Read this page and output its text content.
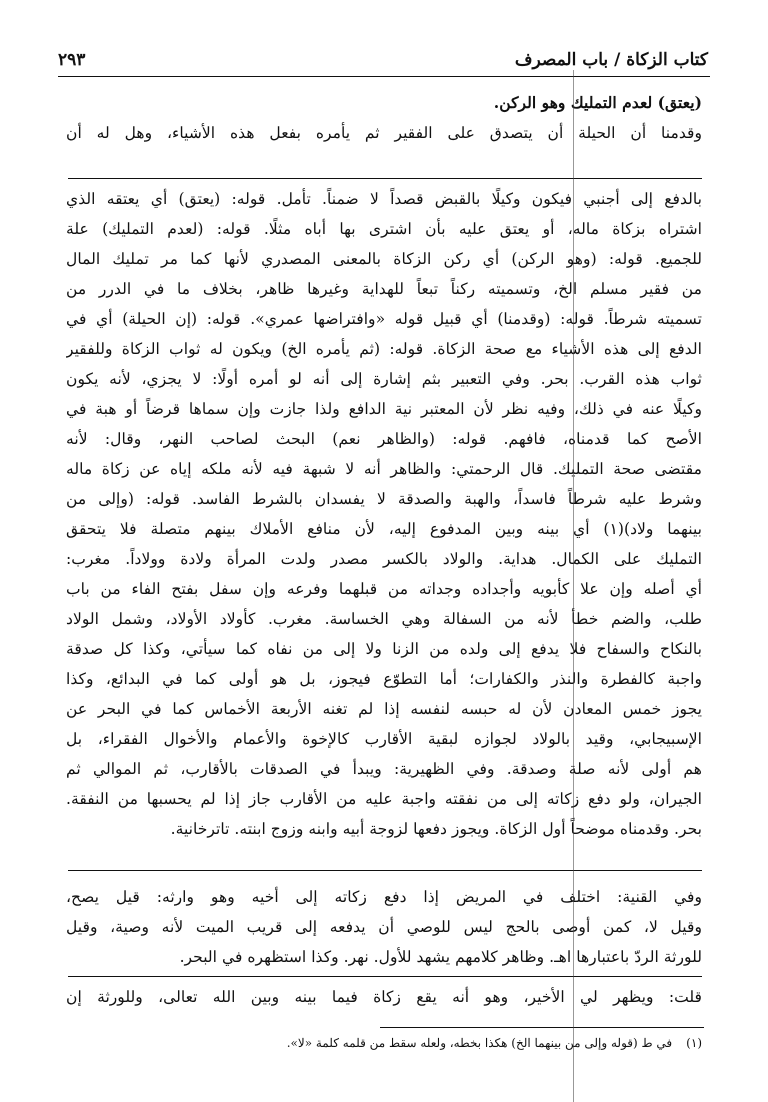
كتاب الزكاة / باب المصرف
٢٩٣
(يعتق) لعدم التمليك وهو الركن.
وقدمنا أن الحيلة أن يتصدق على الفقير ثم يأمره بفعل هذه الأشياء، وهل له أن
بالدفع إلى أجنبي فيكون وكيلًا بالقبض قصداً لا ضمناً. تأمل. قوله: (يعتق) أي يعتقه الذي
اشتراه بزكاة ماله، أو يعتق عليه بأن اشترى بها أباه مثلًا. قوله: (لعدم التمليك) علة
للجميع. قوله: (وهو الركن) أي ركن الزكاة بالمعنى المصدري لأنها كما مر تمليك المال
من فقير مسلم الخ، وتسميته ركناً تبعاً للهداية وغيرها ظاهر، بخلاف ما في الدرر من
تسميته شرطاً. قوله: (وقدمنا) أي قبيل قوله «وافتراضها عمري». قوله: (إن الحيلة) أي في
الدفع إلى هذه الأشياء مع صحة الزكاة. قوله: (ثم يأمره الخ) ويكون له ثواب الزكاة وللفقير
ثواب هذه القرب. بحر. وفي التعبير بثم إشارة إلى أنه لو أمره أولًا: لا يجزي، لأنه يكون
وكيلًا عنه في ذلك، وفيه نظر لأن المعتبر نية الدافع ولذا جازت وإن سماها قرضاً أو هبة في
الأصح كما قدمناه، فافهم. قوله: (والظاهر نعم) البحث لصاحب النهر، وقال: لأنه
مقتضى صحة التمليك. قال الرحمتي: والظاهر أنه لا شبهة فيه لأنه ملكه إياه عن زكاة ماله
وشرط عليه شرطاً فاسداً، والهبة والصدقة لا يفسدان بالشرط الفاسد. قوله: (وإلى من
بينهما ولاد)(١) أي بينه وبين المدفوع إليه، لأن منافع الأملاك بينهم متصلة فلا يتحقق
التمليك على الكمال. هداية. والولاد بالكسر مصدر ولدت المرأة ولادة وولاداً. مغرب:
أي أصله وإن علا كأبويه وأجداده وجداته من قبلهما وفرعه وإن سفل بفتح الفاء من باب
طلب، والضم خطأ لأنه من السفالة وهي الخساسة. مغرب. كأولاد الأولاد، وشمل الولاد
بالنكاح والسفاح فلا يدفع إلى ولده من الزنا ولا إلى من نفاه كما سيأتي، وكذا كل صدقة
واجبة كالفطرة والنذر والكفارات؛ أما التطوّع فيجوز، بل هو أولى كما في البدائع، وكذا
يجوز خمس المعادن لأن له حبسه لنفسه إذا لم تغنه الأربعة الأخماس كما في البحر عن
الإسبيجابي، وقيد بالولاد لجوازه لبقية الأقارب كالإخوة والأعمام والأخوال الفقراء، بل
هم أولى لأنه صلة وصدقة. وفي الظهيرية: ويبدأ في الصدقات بالأقارب، ثم الموالي ثم
الجيران، ولو دفع زكاته إلى من نفقته واجبة عليه من الأقارب جاز إذا لم يحسبها من النفقة.
بحر. وقدمناه موضحاً أول الزكاة. ويجوز دفعها لزوجة أبيه وابنه وزوج ابنته. تاترخانية.
وفي القنية: اختلف في المريض إذا دفع زكاته إلى أخيه وهو وارثه: قيل يصح،
وقيل لا، كمن أوصى بالحج ليس للوصي أن يدفعه إلى قريب الميت لأنه وصية، وقيل
للورثة الردّ باعتبارها اهـ. وظاهر كلامهم يشهد للأول. نهر. وكذا استظهره في البحر.
قلت: ويظهر لي الأخير، وهو أنه يقع زكاة فيما بينه وبين الله تعالى، وللورثة إن
(١)في ط (قوله وإلى من بينهما الخ) هكذا بخطه، ولعله سقط من قلمه كلمة «لا».
